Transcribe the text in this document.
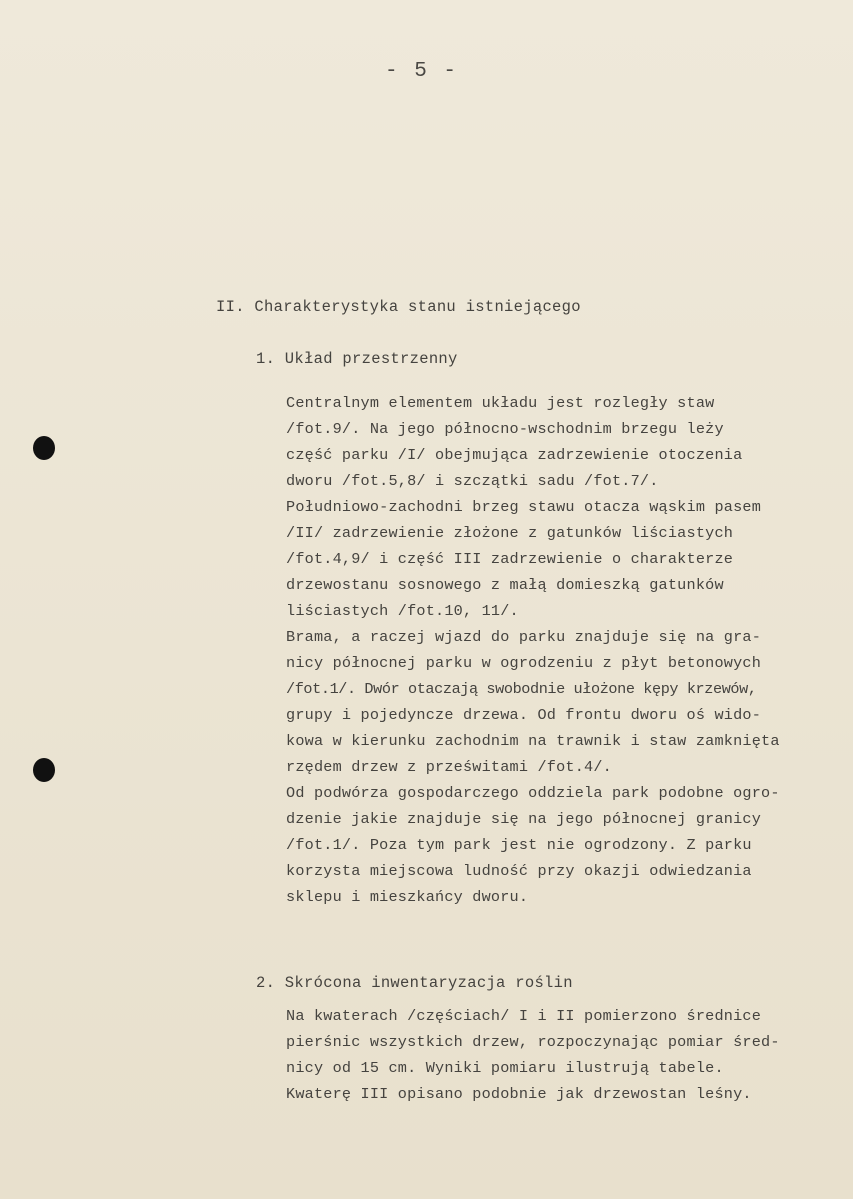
- 5 -
II. Charakterystyka stanu istniejącego
1. Układ przestrzenny
Centralnym elementem układu jest rozległy staw
/fot.9/. Na jego północno-wschodnim brzegu leży
część parku /I/ obejmująca zadrzewienie otoczenia
dworu /fot.5,8/ i szczątki sadu /fot.7/.
Południowo-zachodni brzeg stawu otacza wąskim pasem
/II/ zadrzewienie złożone z gatunków liściastych
/fot.4,9/ i część III zadrzewienie o charakterze
drzewostanu sosnowego z małą domieszką gatunków
liściastych /fot.10, 11/.
Brama, a raczej wjazd do parku znajduje się na gra-
nicy północnej parku w ogrodzeniu z płyt betonowych
/fot.1/. Dwór otaczają swobodnie ułożone kępy krzewów,
grupy i pojedyncze drzewa. Od frontu dworu oś wido-
kowa w kierunku zachodnim na trawnik i staw zamknięta
rzędem drzew z prześwitami /fot.4/.
Od podwórza gospodarczego oddziela park podobne ogro-
dzenie jakie znajduje się na jego północnej granicy
/fot.1/. Poza tym park jest nie ogrodzony. Z parku
korzysta miejscowa ludność przy okazji odwiedzania
sklepu i mieszkańcy dworu.
2. Skrócona inwentaryzacja roślin
Na kwaterach /częściach/ I i II pomierzono średnice
pierśnic wszystkich drzew, rozpoczynając pomiar śred-
nicy od 15 cm. Wyniki pomiaru ilustrują tabele.
Kwaterę III opisano podobnie jak drzewostan leśny.
